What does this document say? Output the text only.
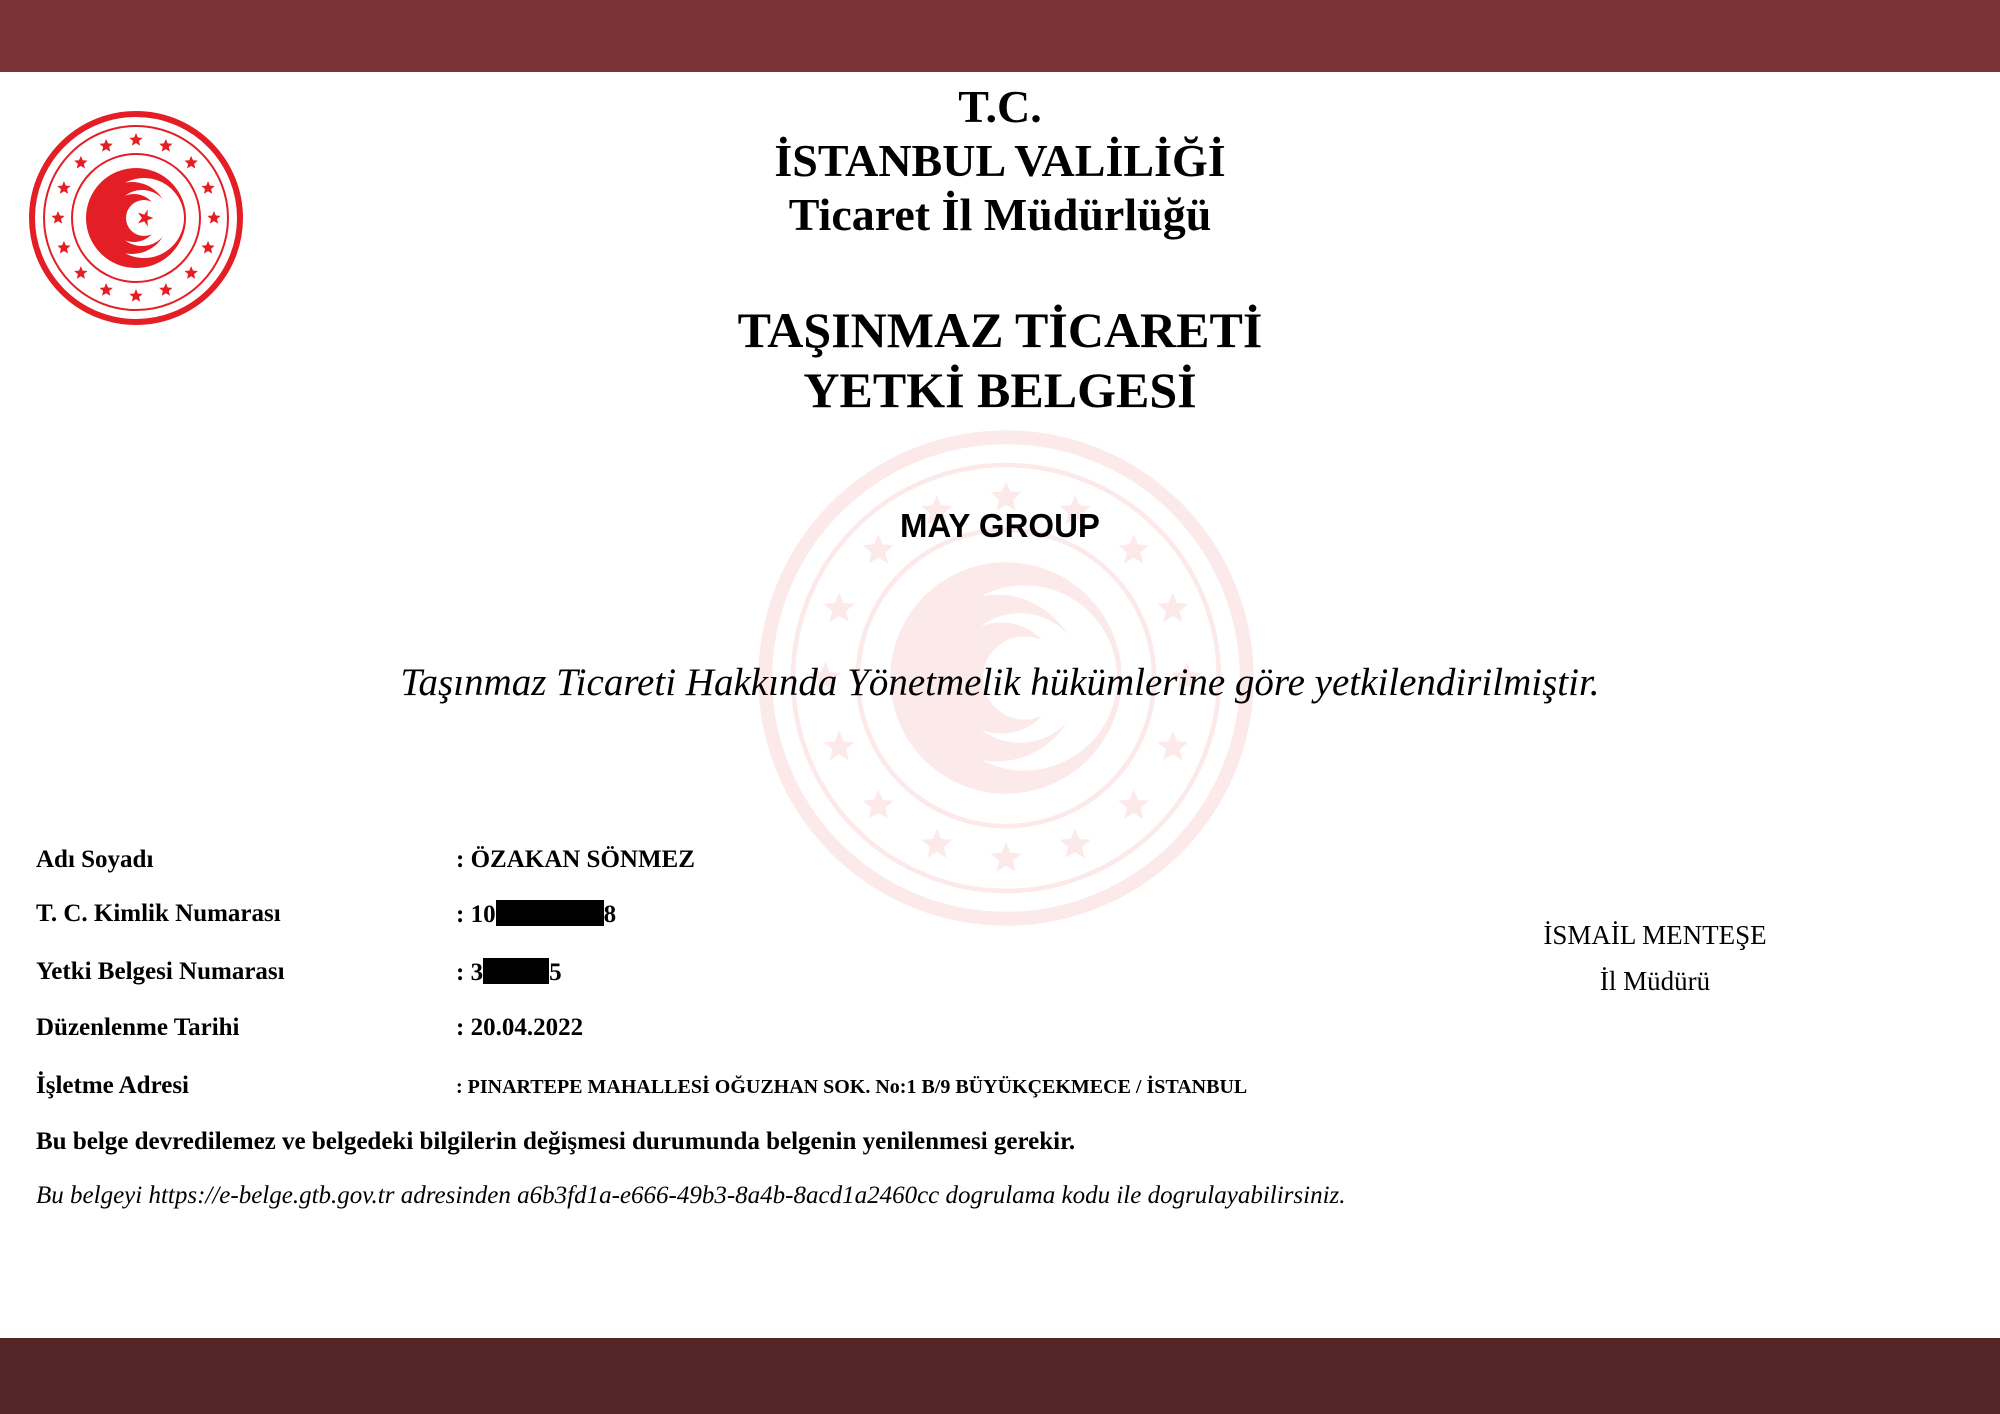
T.C.
İSTANBUL VALİLİĞİ
Ticaret İl Müdürlüğü
TAŞINMAZ TİCARETİ
YETKİ BELGESİ
MAY GROUP
Taşınmaz Ticareti Hakkında Yönetmelik hükümlerine göre yetkilendirilmiştir.
Adı Soyadı	: ÖZAKAN SÖNMEZ
T. C. Kimlik Numarası	: 10	8
Yetki Belgesi Numarası	: 3	5
Düzenlenme Tarihi	: 20.04.2022
İşletme Adresi	: PINARTEPE MAHALLESİ OĞUZHAN SOK. No:1 B/9 BÜYÜKÇEKMECE / İSTANBUL
İSMAİL MENTEŞE
İl Müdürü
Bu belge devredilemez ve belgedeki bilgilerin değişmesi durumunda belgenin yenilenmesi gerekir.
Bu belgeyi https://e-belge.gtb.gov.tr adresinden a6b3fd1a-e666-49b3-8a4b-8acd1a2460cc dogrulama kodu ile dogrulayabilirsiniz.
